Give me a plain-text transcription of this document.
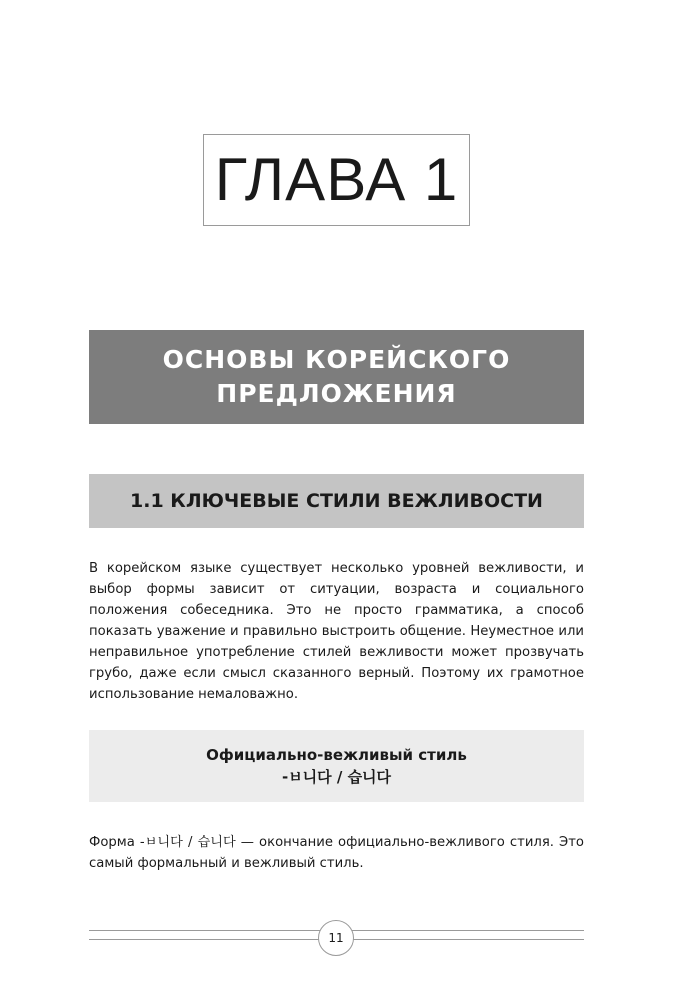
ГЛАВА 1
ОСНОВЫ КОРЕЙСКОГО
ПРЕДЛОЖЕНИЯ
1.1 КЛЮЧЕВЫЕ СТИЛИ ВЕЖЛИВОСТИ

В корейском языке существует несколько уровней вежливости, и выбор формы зависит от ситуации, возраста и социального положения собеседника. Это не просто грамматика, а способ показать уважение и правильно выстроить общение. Неуместное или неправильное употребление стилей вежливости может прозвучать грубо, даже если смысл сказанного верный. Поэтому их грамотное использование немаловажно.

Официально-вежливый стиль
-ㅂ니다 / 습니다

Форма -ㅂ니다 / 습니다 — окончание официально-вежливого стиля. Это самый формальный и вежливый стиль.

11
